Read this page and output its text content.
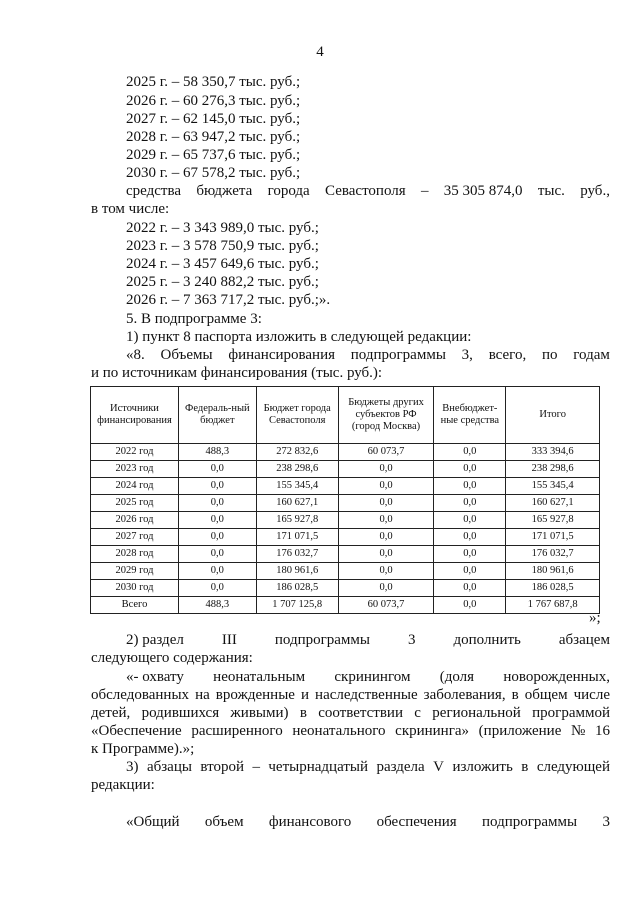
4
2025 г. – 58 350,7 тыс. руб.;
2026 г. – 60 276,3 тыс. руб.;
2027 г. – 62 145,0 тыс. руб.;
2028 г. – 63 947,2 тыс. руб.;
2029 г. – 65 737,6 тыс. руб.;
2030 г. – 67 578,2 тыс. руб.;
средства бюджета города Севастополя – 35 305 874,0 тыс. руб.,
в том числе:
2022 г. – 3 343 989,0 тыс. руб.;
2023 г. – 3 578 750,9 тыс. руб.;
2024 г. – 3 457 649,6 тыс. руб.;
2025 г. – 3 240 882,2 тыс. руб.;
2026 г. – 7 363 717,2 тыс. руб.;».
5. В подпрограмме 3:
1) пункт 8 паспорта изложить в следующей редакции:
«8. Объемы финансирования подпрограммы 3, всего, по годам
и по источникам финансирования (тыс. руб.):
Источники финансирования	Федераль-ный бюджет	Бюджет города Севастополя	Бюджеты других субъектов РФ (город Москва)	Внебюджет-ные средства	Итого
2022 год	488,3	272 832,6	60 073,7	0,0	333 394,6
2023 год	0,0	238 298,6	0,0	0,0	238 298,6
2024 год	0,0	155 345,4	0,0	0,0	155 345,4
2025 год	0,0	160 627,1	0,0	0,0	160 627,1
2026 год	0,0	165 927,8	0,0	0,0	165 927,8
2027 год	0,0	171 071,5	0,0	0,0	171 071,5
2028 год	0,0	176 032,7	0,0	0,0	176 032,7
2029 год	0,0	180 961,6	0,0	0,0	180 961,6
2030 год	0,0	186 028,5	0,0	0,0	186 028,5
Всего	488,3	1 707 125,8	60 073,7	0,0	1 767 687,8
»;
2) раздел	III	подпрограммы	3	дополнить	абзацем
следующего содержания:
«- охвату неонатальным скринингом (доля новорожденных,
обследованных на врожденные и наследственные заболевания, в общем числе
детей, родившихся живыми) в соответствии с региональной программой
«Обеспечение расширенного неонатального скрининга» (приложение № 16
к Программе).»;
3) абзацы второй – четырнадцатый раздела V изложить в следующей
редакции:
«Общий объем финансового обеспечения подпрограммы 3
